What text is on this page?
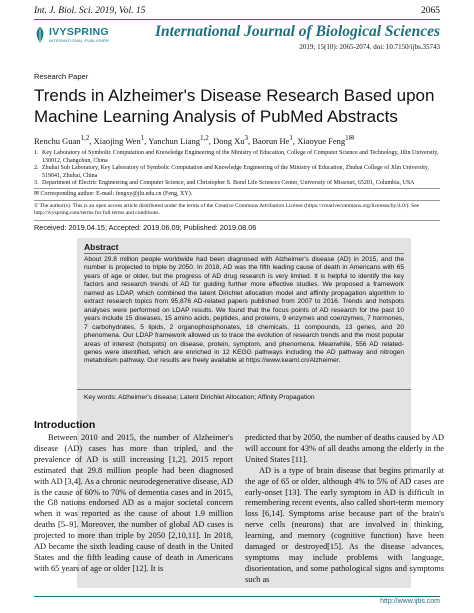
Int. J. Biol. Sci. 2019, Vol. 15	2065
IVYSPRING
INTERNATIONAL PUBLISHER
International Journal of Biological Sciences
2019; 15(10): 2065-2074. doi: 10.7150/ijbs.35743
Research Paper
Trends in Alzheimer's Disease Research Based upon Machine Learning Analysis of PubMed Abstracts
Renchu Guan$^{1,2}$, Xiaojing Wen$^1$, Yanchun Liang$^{1,2}$, Dong Xu$^3$, Baorun He$^1$, Xiaoyue Feng$^{1✉}$
1. Key Laboratory of Symbolic Computation and Knowledge Engineering of the Ministry of Education, College of Computer Science and Technology, Jilin University, 130012, Changchun, China
2. Zhuhai Sub Laboratory, Key Laboratory of Symbolic Computation and Knowledge Engineering of the Ministry of Education, Zhuhai College of Jilin University, 519041, Zhuhai, China
3. Department of Electric Engineering and Computer Science, and Christopher S. Bond Life Sciences Center, University of Missouri, 65201, Columbia, USA
✉ Corresponding author: E-mail: fengxy@jlu.edu.cn (Feng, XY).
© The author(s). This is an open access article distributed under the terms of the Creative Commons Attribution License (https://creativecommons.org/licenses/by/4.0/). See http://ivyspring.com/terms for full terms and conditions.
Received: 2019.04.15; Accepted: 2019.06.09; Published: 2019.08.06
Abstract
About 29.8 million people worldwide had been diagnosed with Alzheimer's disease (AD) in 2015, and the number is projected to triple by 2050. In 2018, AD was the fifth leading cause of death in Americans with 65 years of age or older, but the progress of AD drug research is very limited. It is helpful to identify the key factors and research trends of AD for guiding further more effective studies. We proposed a framework named as LDAP, which combined the latent Dirichlet allocation model and affinity propagation algorithm to extract research topics from 95,876 AD-related papers published from 2007 to 2016. Trends and hotspots analyses were performed on LDAP results. We found that the focus points of AD research for the past 10 years include 15 diseases, 15 amino acids, peptides, and proteins, 9 enzymes and coenzymes, 7 hormones, 7 carbohydrates, 5 lipids, 2 organophosphonates, 18 chemicals, 11 compounds, 13 genes, and 20 phenomena. Our LDAP framework allowed us to trace the evolution of research trends and the most popular areas of interest (hotspots) on disease, protein, symptom, and phenomena. Meanwhile, 556 AD related-genes were identified, which are enriched in 12 KEGG pathways including the AD pathway and nitrogen metabolism pathway. Our results are freely available at https://www.keaml.cn/Alzheimer.
Key words: Alzheimer's disease; Latent Dirichlet Allocation; Affinity Propagation
Introduction

Between 2010 and 2015, the number of Alzheimer's disease (AD) cases has more than tripled, and the prevalence of AD is still increasing [1,2]. 2015 report estimated that 29.8 million people had been diagnosed with AD [3,4]. As a chronic neurodegenerative disease, AD is the cause of 60% to 70% of dementia cases and in 2015, the G8 nations endorsed AD as a major societal concern when it was reported as the cause of about 1.9 million deaths [5–9]. Moreover, the number of global AD cases is projected to more than triple by 2050 [2,10,11]. In 2018, AD became the sixth leading cause of death in the United States and the fifth leading cause of death in Americans with 65 years of age or older [12]. It is

predicted that by 2050, the number of deaths caused by AD will account for 43% of all deaths among the elderly in the United States [11].

AD is a type of brain disease that begins primarily at the age of 65 or older, although 4% to 5% of AD cases are early-onset [13]. The early symptom in AD is difficult in remembering recent events, also called short-term memory loss [6,14]. Symptoms arise because part of the brain's nerve cells (neurons) that are involved in thinking, learning, and memory (cognitive function) have been damaged or destroyed[15]. As the disease advances, symptoms may include problems with language, disorientation, and some pathological signs and symptoms such as

http://www.ijbs.com
